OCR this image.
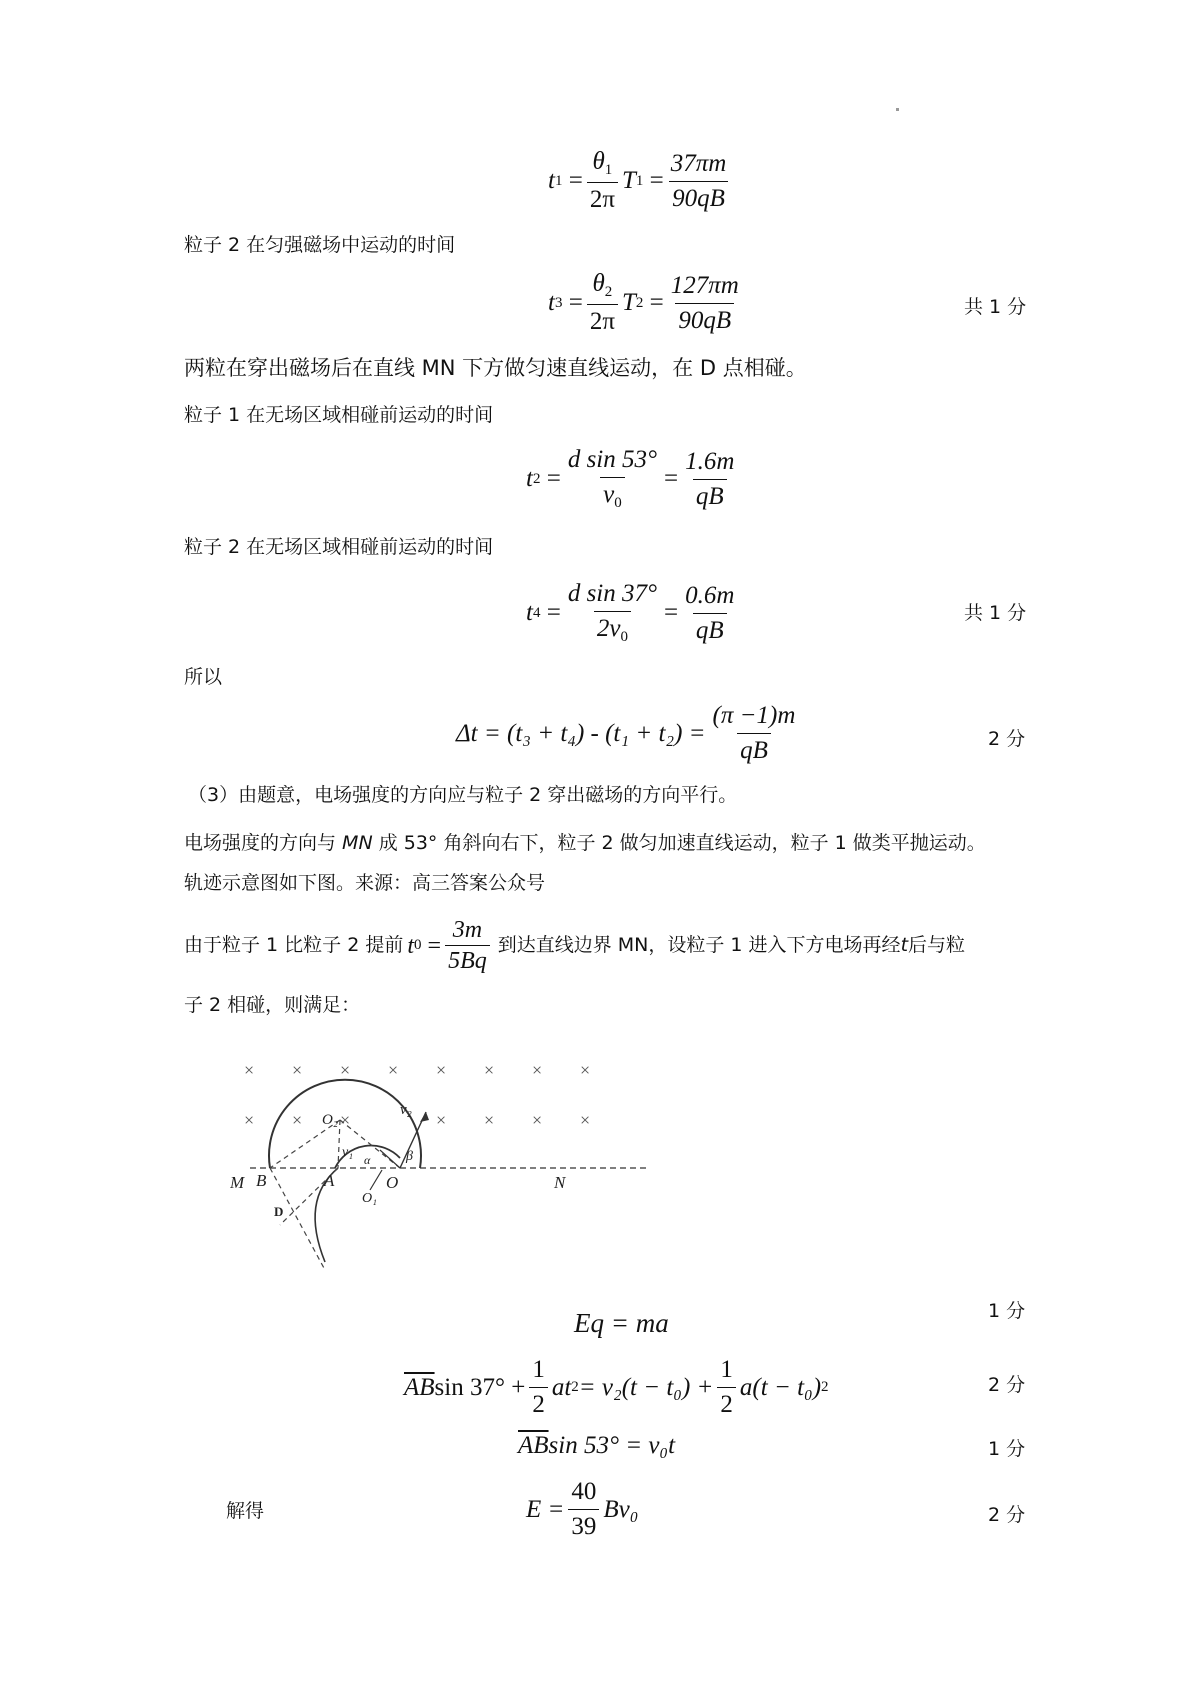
t $1 = \frac{\theta_1}{2\pi}$ T $1 = \frac{37\pi m}{90qB}$
粒子 2 在匀强磁场中运动的时间
t $3 = \frac{\theta_2}{2\pi}$ T $2 = \frac{127\pi m}{90qB}$	共 1 分
两粒在穿出磁场后在直线 MN 下方做匀速直线运动，在 D 点相碰。
粒子 1 在无场区域相碰前运动的时间
t $2 = \frac{\text{d sin 53°}}{v_0} = \frac{1.6m}{qB}$
粒子 2 在无场区域相碰前运动的时间
t $4 = \frac{\text{d sin 37°}}{2v_0} = \frac{0.6m}{qB}$	共 1 分
所以
$\Delta t = (t_3 + t_4) - (t_1 + t_2) = \frac{(\pi -1)m}{qB}$	2 分
（3）由题意，电场强度的方向应与粒子 2 穿出磁场的方向平行。
电场强度的方向与 MN 成 53° 角斜向右下，粒子 2 做匀加速直线运动，粒子 1 做类平抛运动。
轨迹示意图如下图。来源：高三答案公众号
由于粒子 1 比粒子 2 提前 t $0 = \frac{3m}{5Bq}$ 到达直线边界 MN，设粒子 1 进入下方电场再经 t 后与粒
子 2 相碰，则满足：
× × × × × × × ×
× × ×	× × × ×
M B	A	O	N
D
O₁
O₂
v₁
v₂
α	β
Eq = ma	1 分
$\overline{AB}$ $\sin 37^\circ + \frac{1}{2}$ at $2 = v_2(t - t_0) + \frac{1}{2} a(t - t_0)$ 2	2 分
$\overline{AB}$ sin 53° = v₀t	1 分
解得	$E = \frac{40}{39} Bv_0$	2 分
